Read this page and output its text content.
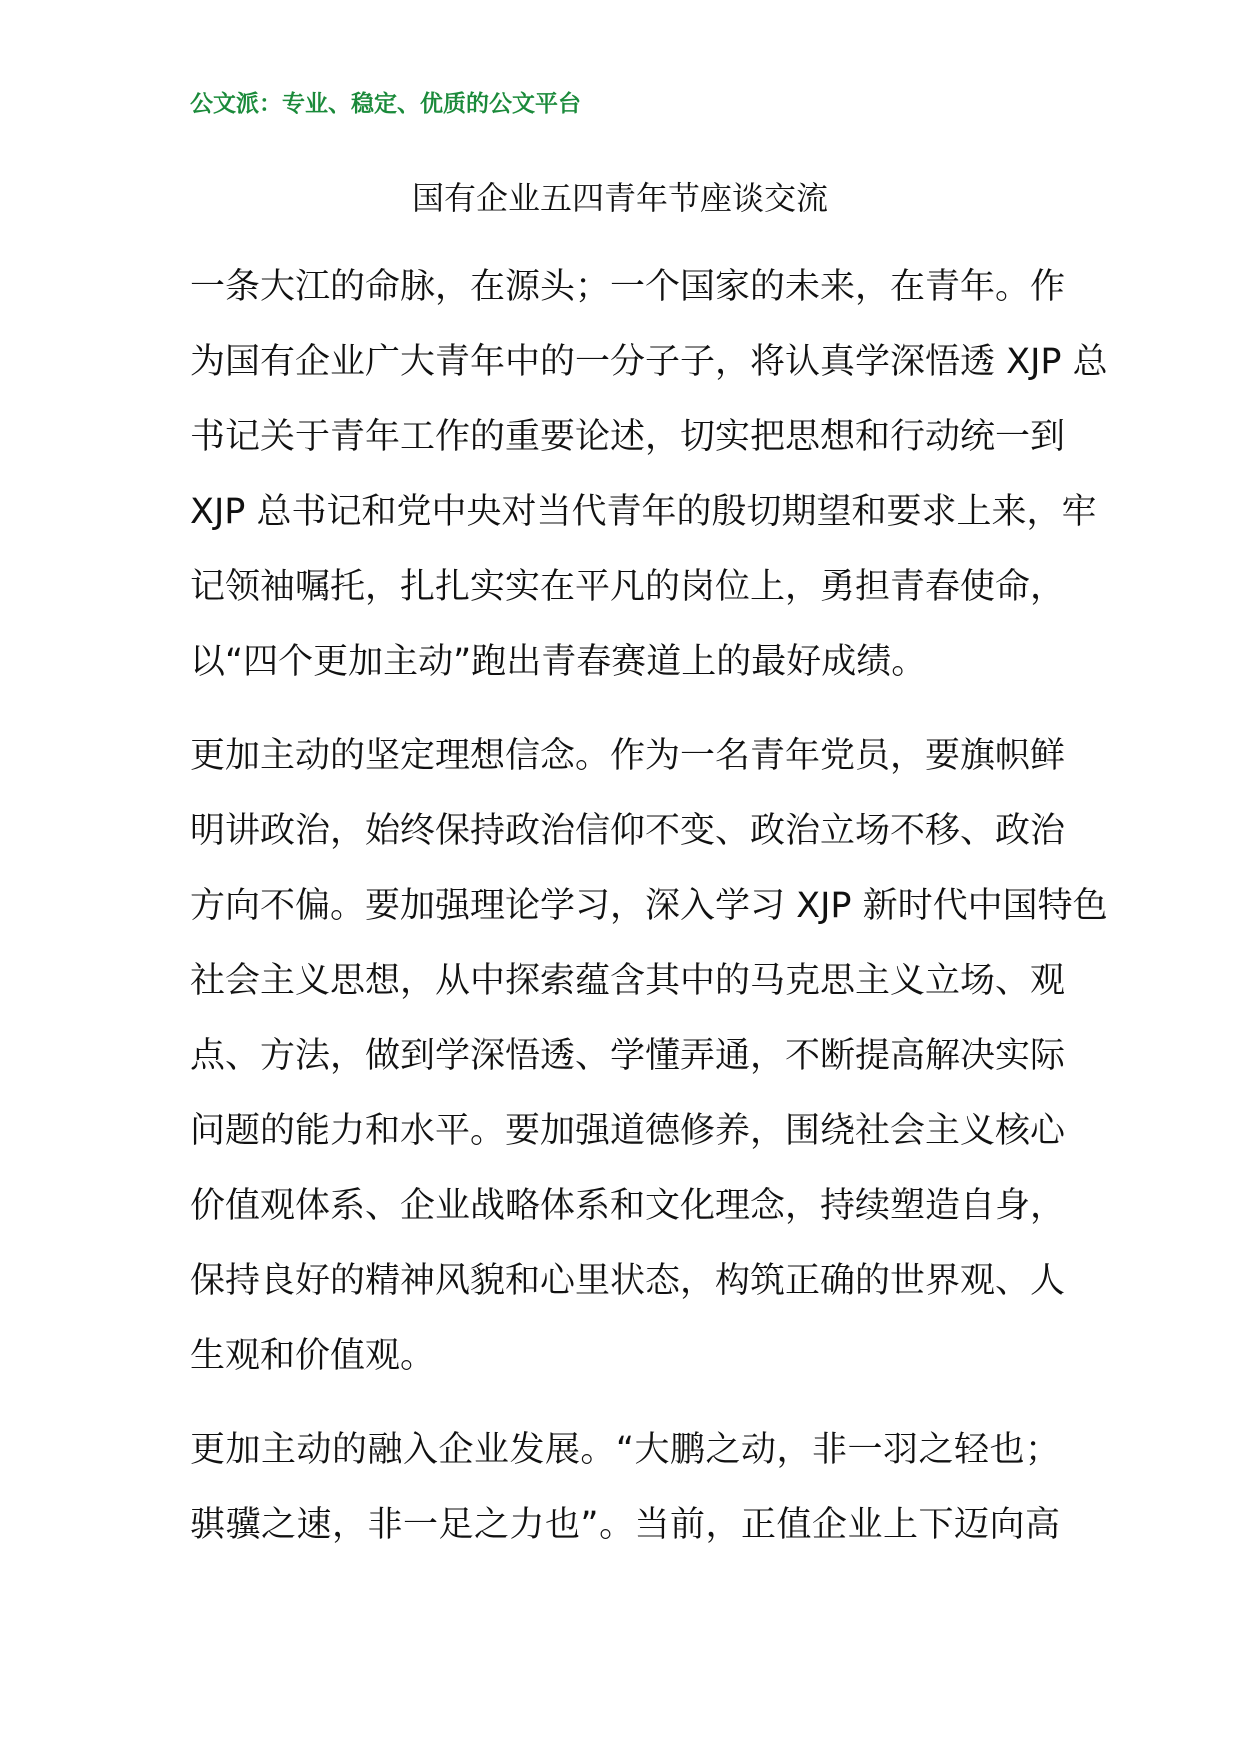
公文派：专业、稳定、优质的公文平台
国有企业五四青年节座谈交流
一条大江的命脉，在源头；一个国家的未来，在青年。作
为国有企业广大青年中的一分子子，将认真学深悟透 XJP 总
书记关于青年工作的重要论述，切实把思想和行动统一到
XJP 总书记和党中央对当代青年的殷切期望和要求上来，牢
记领袖嘱托，扎扎实实在平凡的岗位上，勇担青春使命，
以“四个更加主动”跑出青春赛道上的最好成绩。
更加主动的坚定理想信念。作为一名青年党员，要旗帜鲜
明讲政治，始终保持政治信仰不变、政治立场不移、政治
方向不偏。要加强理论学习，深入学习 XJP 新时代中国特色
社会主义思想，从中探索蕴含其中的马克思主义立场、观
点、方法，做到学深悟透、学懂弄通，不断提高解决实际
问题的能力和水平。要加强道德修养，围绕社会主义核心
价值观体系、企业战略体系和文化理念，持续塑造自身，
保持良好的精神风貌和心里状态，构筑正确的世界观、人
生观和价值观。
更加主动的融入企业发展。“大鹏之动，非一羽之轻也；
骐骥之速，非一足之力也”。当前，正值企业上下迈向高
